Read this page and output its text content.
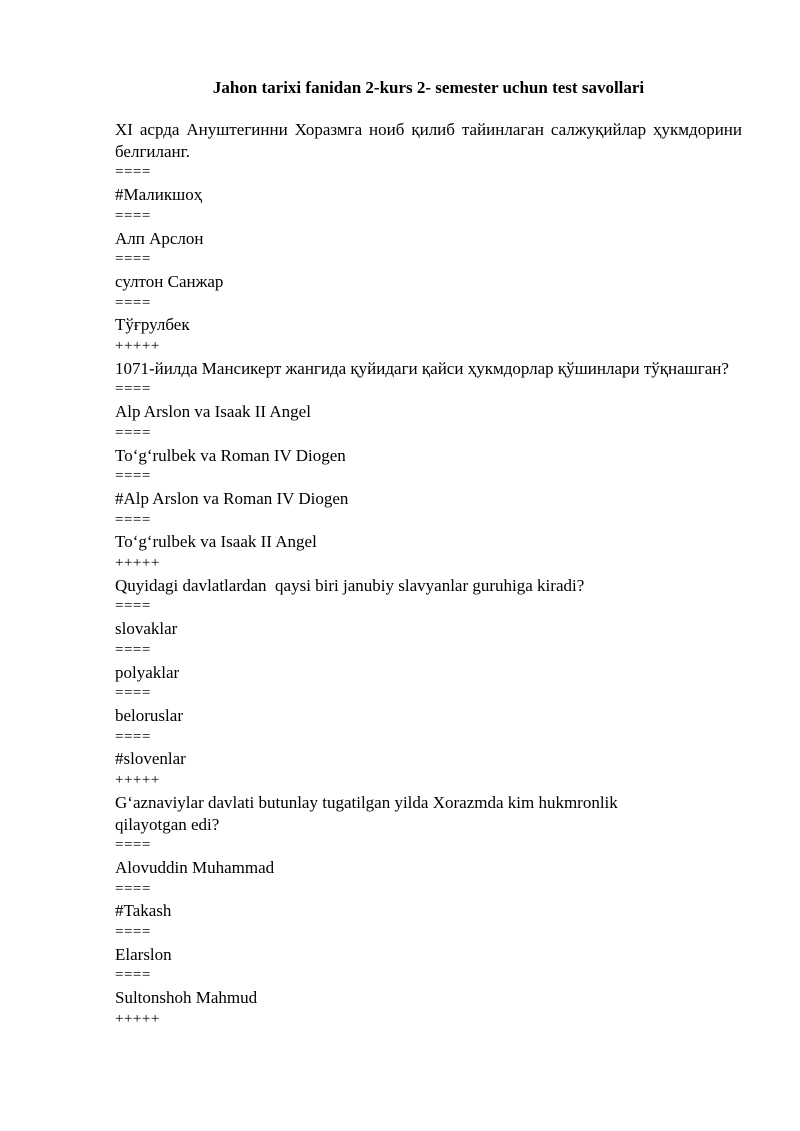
Jahon tarixi fanidan 2-kurs 2- semester uchun test savollari

XI асрда Ануштегинни Хоразмга ноиб қилиб тайинлаган салжуқийлар ҳукмдорини белгиланг.

====

#Маликшоҳ

====

Алп Арслон

====

султон Санжар

====

Тўғрулбек

+++++

1071-йилда Мансикерт жангида қуйидаги қайси ҳукмдорлар қўшинлари тўқнашган?

====

Alp Arslon va Isaak II Angel

====

To‘g‘rulbek va Roman IV Diogen

====

#Alp Arslon va Roman IV Diogen

====

To‘g‘rulbek va Isaak II Angel

+++++

Quyidagi davlatlardan  qaysi biri janubiy slavyanlar guruhiga kiradi?

====

slovaklar

====

polyaklar

====

beloruslar

====

#slovenlar

+++++

G‘aznaviylar davlati butunlay tugatilgan yilda Xorazmda kim hukmronlik qilayotgan edi?

====

Alovuddin Muhammad

====

#Takash

====

Elarslon

====

Sultonshoh Mahmud

+++++
